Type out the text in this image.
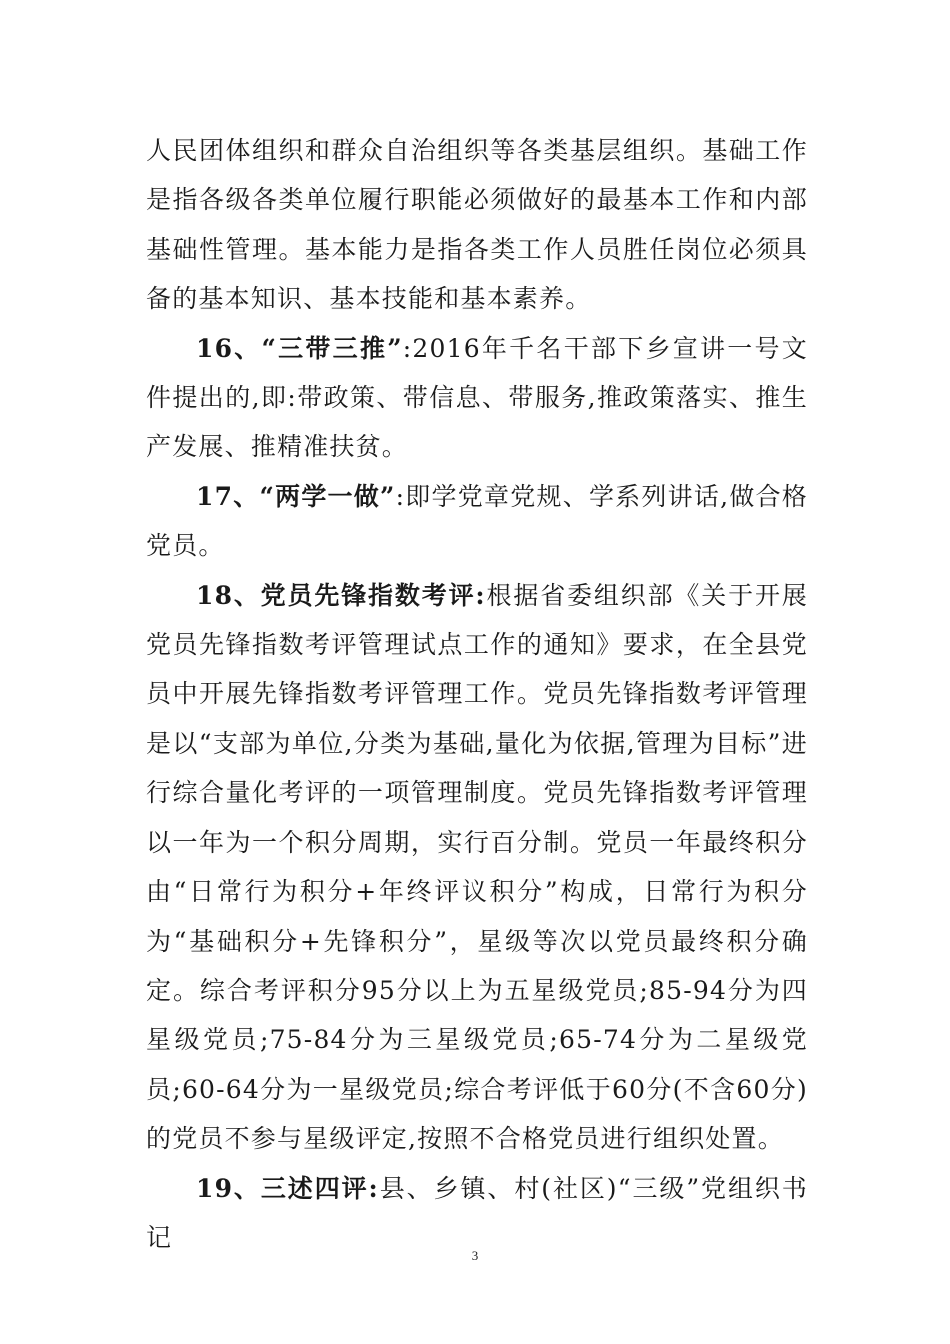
人民团体组织和群众自治组织等各类基层组织。基础工作是指各级各类单位履行职能必须做好的最基本工作和内部基础性管理。基本能力是指各类工作人员胜任岗位必须具备的基本知识、基本技能和基本素养。

16、“三带三推”:2016年千名干部下乡宣讲一号文件提出的,即:带政策、带信息、带服务,推政策落实、推生产发展、推精准扶贫。

17、“两学一做”:即学党章党规、学系列讲话,做合格党员。

18、党员先锋指数考评:根据省委组织部《关于开展党员先锋指数考评管理试点工作的通知》要求，在全县党员中开展先锋指数考评管理工作。党员先锋指数考评管理是以“支部为单位,分类为基础,量化为依据,管理为目标”进行综合量化考评的一项管理制度。党员先锋指数考评管理以一年为一个积分周期，实行百分制。党员一年最终积分由“日常行为积分+年终评议积分”构成，日常行为积分为“基础积分+先锋积分”，星级等次以党员最终积分确定。综合考评积分95分以上为五星级党员;85-94分为四星级党员;75-84分为三星级党员;65-74分为二星级党员;60-64分为一星级党员;综合考评低于60分(不含60分)的党员不参与星级评定,按照不合格党员进行组织处置。

19、三述四评:县、乡镇、村(社区)“三级”党组织书记

3
